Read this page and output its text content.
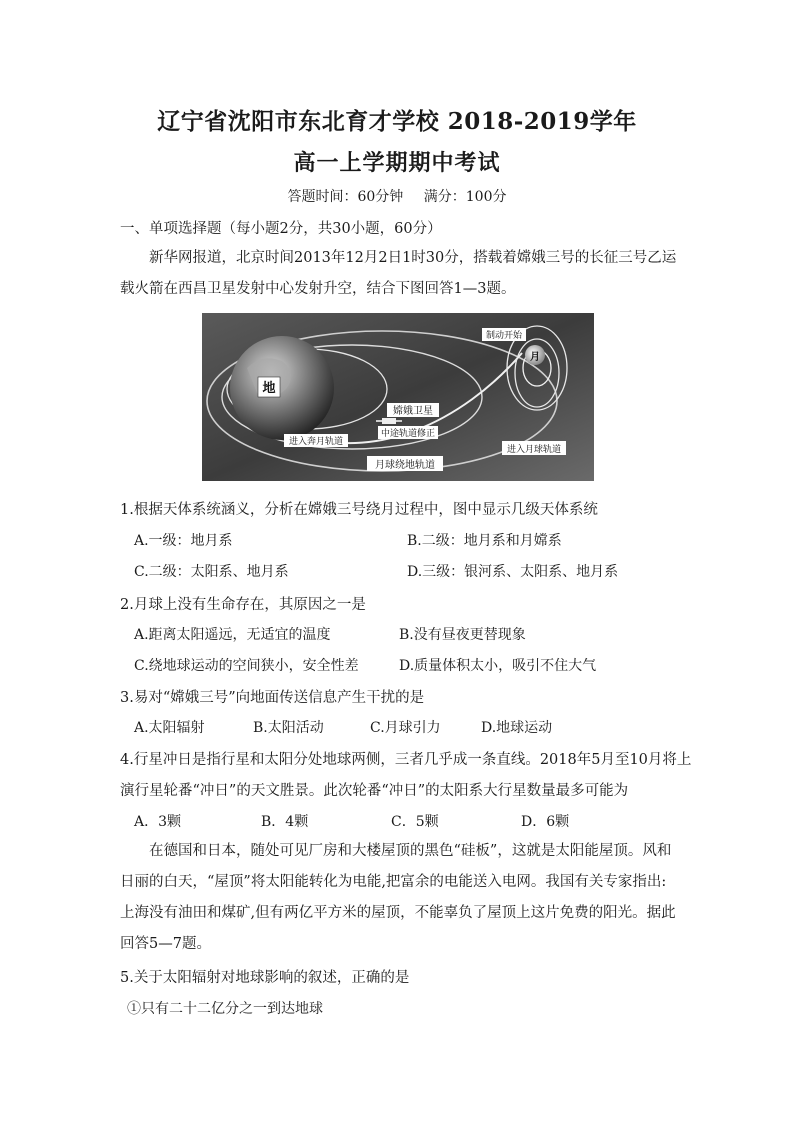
辽宁省沈阳市东北育才学校 2018-2019学年
高一上学期期中考试
答题时间：60分钟 满分：100分
一、单项选择题（每小题2分，共30小题，60分）

新华网报道，北京时间2013年12月2日1时30分，搭载着嫦娥三号的长征三号乙运载火箭在西昌卫星发射中心发射升空，结合下图回答1—3题。

地
月
制动开始
嫦娥卫星
中途轨道修正
进入奔月轨道
进入月球轨道
月球绕地轨道
1.根据天体系统涵义，分析在嫦娥三号绕月过程中，图中显示几级天体系统
A.一级：地月系	B.二级：地月系和月嫦系
C.二级：太阳系、地月系	D.三级：银河系、太阳系、地月系
2.月球上没有生命存在，其原因之一是
A.距离太阳遥远，无适宜的温度	B.没有昼夜更替现象
C.绕地球运动的空间狭小，安全性差	D.质量体积太小，吸引不住大气
3.易对“嫦娥三号”向地面传送信息产生干扰的是
A.太阳辐射	B.太阳活动	C.月球引力	D.地球运动
4.行星冲日是指行星和太阳分处地球两侧，三者几乎成一条直线。2018年5月至10月将上
演行星轮番“冲日”的天文胜景。此次轮番“冲日”的太阳系大行星数量最多可能为
A．3颗	B．4颗	C．5颗	D．6颗

在德国和日本，随处可见厂房和大楼屋顶的黑色“硅板”，这就是太阳能屋顶。风和日丽的白天，“屋顶”将太阳能转化为电能,把富余的电能送入电网。我国有关专家指出:上海没有油田和煤矿,但有两亿平方米的屋顶，不能辜负了屋顶上这片免费的阳光。据此回答5—7题。

5.关于太阳辐射对地球影响的叙述，正确的是
①只有二十二亿分之一到达地球
